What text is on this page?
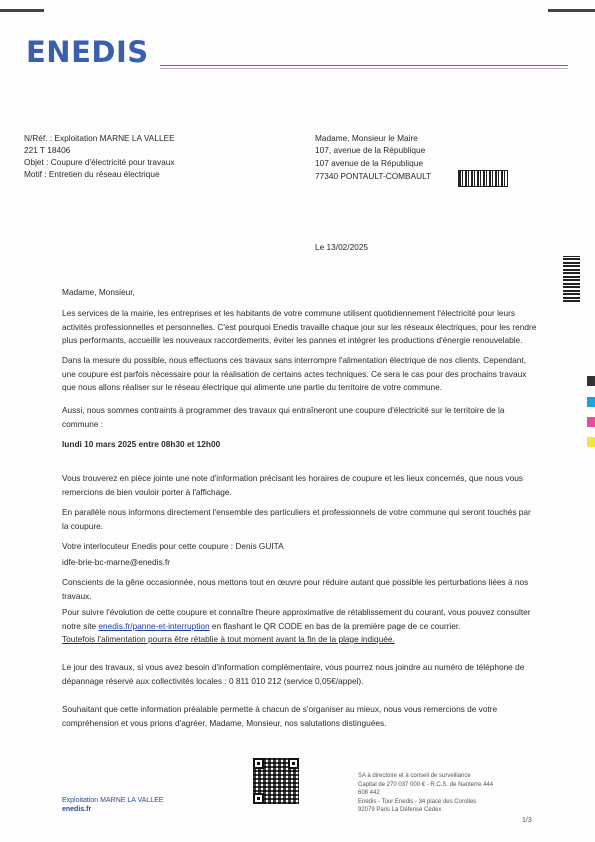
ENEDIS
N/Réf. : Exploitation MARNE LA VALLEE
221 T 18406
Objet : Coupure d'électricité pour travaux
Motif : Entretien du réseau électrique
Madame, Monsieur le Maire
107, avenue de la République
107 avenue de la République
77340 PONTAULT-COMBAULT
Le 13/02/2025
Madame, Monsieur,
Les services de la mairie, les entreprises et les habitants de votre commune utilisent quotidiennement l'électricité pour leurs activités professionnelles et personnelles. C'est pourquoi Enedis travaille chaque jour sur les réseaux électriques, pour les rendre plus performants, accueillir les nouveaux raccordements, éviter les pannes et intégrer les productions d'énergie renouvelable.
Dans la mesure du possible, nous effectuons ces travaux sans interrompre l'alimentation électrique de nos clients. Cependant, une coupure est parfois nécessaire pour la réalisation de certains actes techniques. Ce sera le cas pour des prochains travaux que nous allons réaliser sur le réseau électrique qui alimente une partie du territoire de votre commune.
Aussi, nous sommes contraints à programmer des travaux qui entraîneront une coupure d'électricité sur le territoire de la commune :
lundi 10 mars 2025 entre 08h30 et 12h00
Vous trouverez en pièce jointe une note d'information précisant les horaires de coupure et les lieux concernés, que nous vous remercions de bien vouloir porter à l'affichage.
En parallèle nous informons directement l'ensemble des particuliers et professionnels de votre commune qui seront touchés par la coupure.
Votre interlocuteur Enedis pour cette coupure : Denis GUITA
idfe-brie-bc-marne@enedis.fr
Conscients de la gêne occasionnée, nous mettons tout en œuvre pour réduire autant que possible les perturbations liées à nos travaux.
Pour suivre l'évolution de cette coupure et connaître l'heure approximative de rétablissement du courant, vous pouvez consulter notre site enedis.fr/panne-et-interruption en flashant le QR CODE en bas de la première page de ce courrier.
Toutefois l'alimentation pourra être rétablie à tout moment avant la fin de la plage indiquée.
Le jour des travaux, si vous avez besoin d'information complémentaire, vous pourrez nous joindre au numéro de téléphone de dépannage réservé aux collectivités locales : 0 811 010 212 (service 0,05€/appel).
Souhaitant que cette information préalable permette à chacun de s'organiser au mieux, nous vous remercions de votre compréhension et vous prions d'agréer, Madame, Monsieur, nos salutations distinguées.
Exploitation MARNE LA VALLEE
enedis.fr
SA à directoire et à conseil de surveillance
Capital de 270 037 000 € - R.C.S. de Nanterre 444
608 442
Enedis - Tour Enedis - 34 place des Corolles
92079 Paris La Défense Cedex
1/3
